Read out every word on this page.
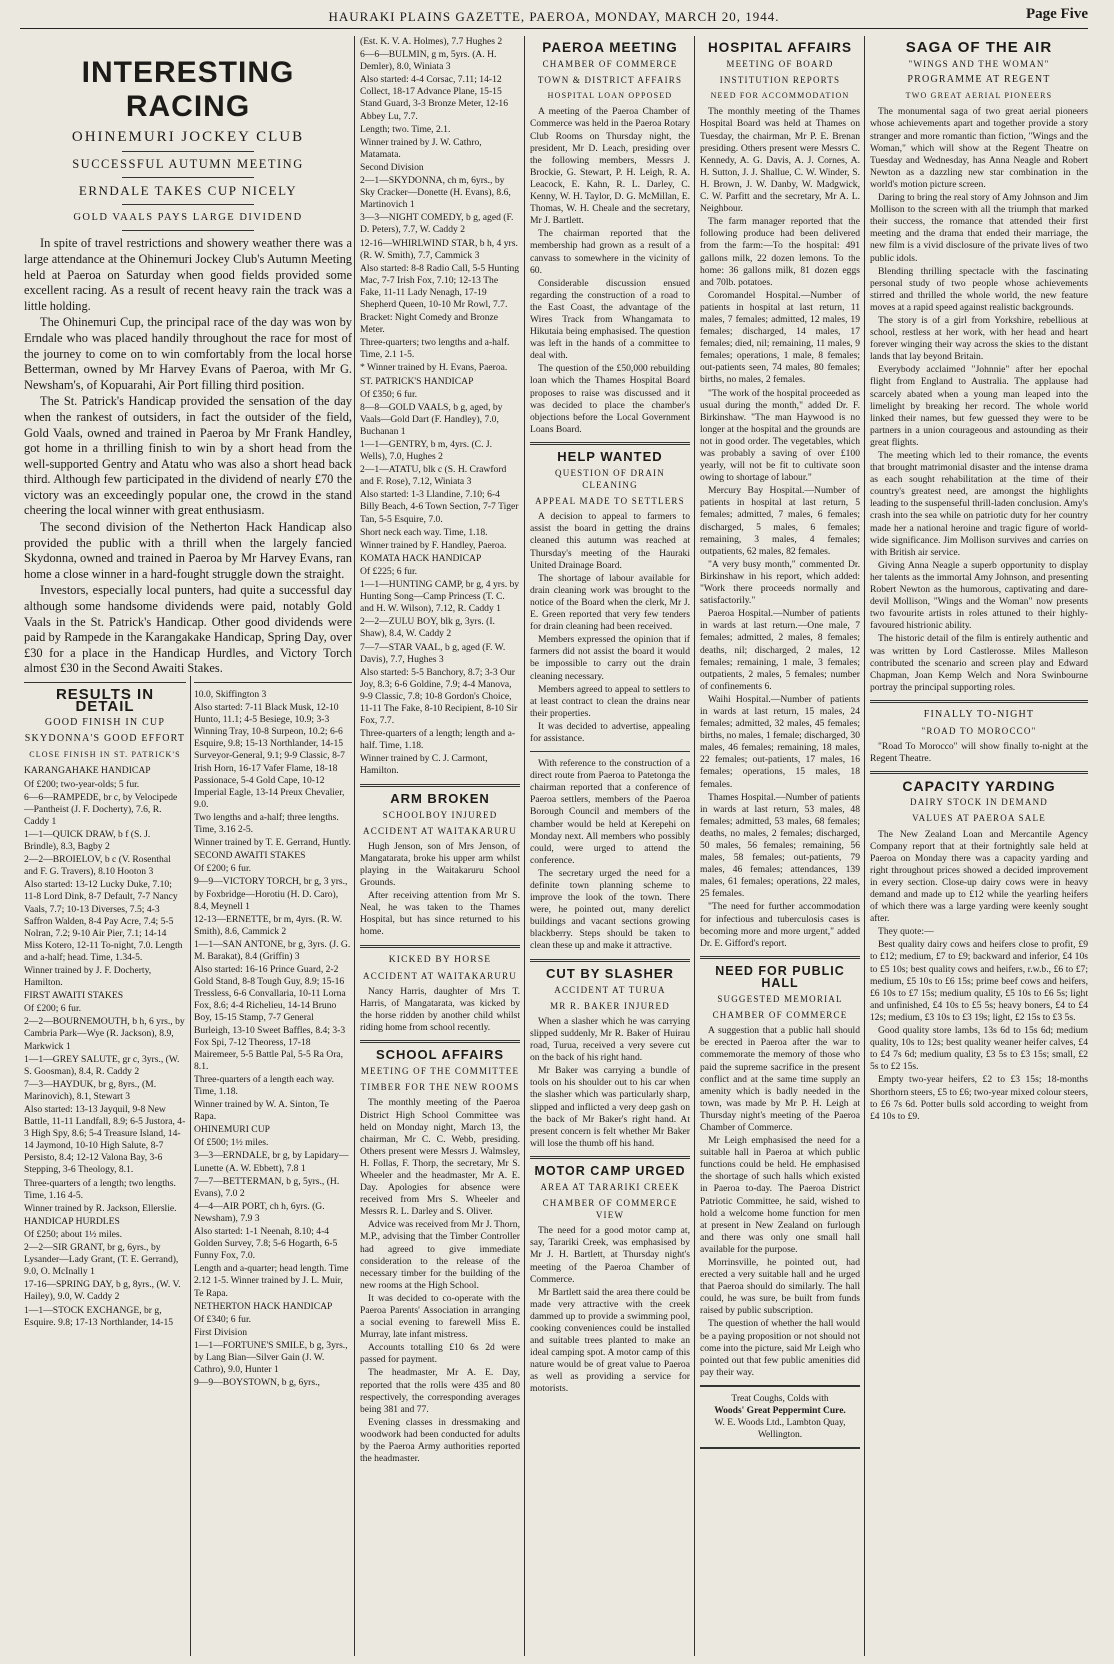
HAURAKI PLAINS GAZETTE, PAEROA, MONDAY, MARCH 20, 1944.	Page Five
INTERESTING RACING
OHINEMURI JOCKEY CLUB
SUCCESSFUL AUTUMN MEETING
ERNDALE TAKES CUP NICELY
GOLD VAALS PAYS LARGE DIVIDEND

In spite of travel restrictions and showery weather there was a large attendance at the Ohinemuri Jockey Club's Autumn Meeting held at Paeroa on Saturday when good fields provided some excellent racing. As a result of recent heavy rain the track was a little holding.

The Ohinemuri Cup, the principal race of the day was won by Erndale who was placed handily throughout the race for most of the journey to come on to win comfortably from the local horse Betterman, owned by Mr Harvey Evans of Paeroa, with Mr G. Newsham's, of Kopuarahi, Air Port filling third position.

The St. Patrick's Handicap provided the sensation of the day when the rankest of outsiders, in fact the outsider of the field, Gold Vaals, owned and trained in Paeroa by Mr Frank Handley, got home in a thrilling finish to win by a short head from the well-supported Gentry and Atatu who was also a short head back third. Although few participated in the dividend of nearly £70 the victory was an exceedingly popular one, the crowd in the stand cheering the local winner with great enthusiasm.

The second division of the Netherton Hack Handicap also provided the public with a thrill when the largely fancied Skydonna, owned and trained in Paeroa by Mr Harvey Evans, ran home a close winner in a hard-fought struggle down the straight.

Investors, especially local punters, had quite a successful day although some handsome dividends were paid, notably Gold Vaals in the St. Patrick's Handicap. Other good dividends were paid by Rampede in the Karangakake Handicap, Spring Day, over £30 for a place in the Handicap Hurdles, and Victory Torch almost £30 in the Second Awaiti Stakes.

RESULTS IN DETAIL
GOOD FINISH IN CUP
SKYDONNA'S GOOD EFFORT
CLOSE FINISH IN ST. PATRICK'S
KARANGAHAKE HANDICAP
Of £200; two-year-olds; 5 fur.
6—6—RAMPEDE, br c, by Velocipede—Pantheist (J. F. Docherty), 7.6, R. Caddy 1
1—1—QUICK DRAW, b f (S. J. Brindle), 8.3, Bagby 2
2—2—BROIELOV, b c (V. Rosenthal and F. G. Travers), 8.10 Hooton 3
Also started: 13-12 Lucky Duke, 7.10; 11-8 Lord Dink, 8-7 Default, 7-7 Nancy Vaals, 7.7; 10-13 Diverses, 7.5; 4-3 Saffron Walden, 8-4 Pay Acre, 7.4; 5-5 Nolran, 7.2; 9-10 Air Pier, 7.1; 14-14 Miss Kotero, 12-11 To-night, 7.0. Length and a-half; head. Time, 1.34-5.
Winner trained by J. F. Docherty, Hamilton.
FIRST AWAITI STAKES
Of £200; 6 fur.
2—2—BOURNEMOUTH, b h, 6 yrs., by Cambria Park—Wye (R. Jackson), 8.9, Markwick 1
1—1—GREY SALUTE, gr c, 3yrs., (W. S. Goosman), 8.4, R. Caddy 2
7—3—HAYDUK, br g, 8yrs., (M. Marinovich), 8.1, Stewart 3
Also started: 13-13 Jayquil, 9-8 New Battle, 11-11 Landfall, 8.9; 6-5 Justora, 4-3 High Spy, 8.6; 5-4 Treasure Island, 14-14 Jaymond, 10-10 High Salute, 8-7 Persisto, 8.4; 12-12 Valona Bay, 3-6 Stepping, 3-6 Theology, 8.1.
Three-quarters of a length; two lengths. Time, 1.16 4-5.
Winner trained by R. Jackson, Ellerslie.
HANDICAP HURDLES
Of £250; about 1½ miles.
2—2—SIR GRANT, br g, 6yrs., by Lysander—Lady Grant, (T. E. Gerrand), 9.0, O. McInally 1
17-16—SPRING DAY, b g, 8yrs., (W. V. Hailey), 9.0, W. Caddy 2
1—1—STOCK EXCHANGE, br g, Esquire. 9.8; 17-13 Northlander, 14-15
10.0, Skiffington 3
Also started: 7-11 Black Musk, 12-10 Hunto, 11.1; 4-5 Besiege, 10.9; 3-3 Winning Tray, 10-8 Surpeon, 10.2; 6-6 Esquire, 9.8; 15-13 Northlander, 14-15 Surveyor-General, 9.1; 9-9 Classic, 8-7 Irish Horn, 16-17 Vafer Flame, 18-18 Passionace, 5-4 Gold Cape, 10-12 Imperial Eagle, 13-14 Preux Chevalier, 9.0.
Two lengths and a-half; three lengths. Time, 3.16 2-5.
Winner trained by T. E. Gerrand, Huntly.
SECOND AWAITI STAKES
Of £200; 6 fur.
9—9—VICTORY TORCH, br g, 3 yrs., by Foxbridge—Horotiu (H. D. Caro), 8.4, Meynell 1
12-13—ERNETTE, br m, 4yrs. (R. W. Smith), 8.6, Cammick 2
1—1—SAN ANTONE, br g, 3yrs. (J. G. M. Barakat), 8.4 (Griffin) 3
Also started: 16-16 Prince Guard, 2-2 Gold Stand, 8-8 Tough Guy, 8.9; 15-16 Tressless, 6-6 Convallaria, 10-11 Lorna Fox, 8.6; 4-4 Richelieu, 14-14 Bruno Boy, 15-15 Stamp, 7-7 General Burleigh, 13-10 Sweet Baffles, 8.4; 3-3 Fox Spi, 7-12 Theoress, 17-18 Mairemeer, 5-5 Battle Pal, 5-5 Ra Ora, 8.1.
Three-quarters of a length each way. Time, 1.18.
Winner trained by W. A. Sinton, Te Rapa.
OHINEMURI CUP
Of £500; 1½ miles.
3—3—ERNDALE, br g, by Lapidary—Lunette (A. W. Ebbett), 7.8 1
7—7—BETTERMAN, b g, 5yrs., (H. Evans), 7.0 2
4—4—AIR PORT, ch h, 6yrs. (G. Newsham), 7.9 3
Also started: 1-1 Neenah, 8.10; 4-4 Golden Survey, 7.8; 5-6 Hogarth, 6-5 Funny Fox, 7.0.
Length and a-quarter; head length. Time 2.12 1-5. Winner trained by J. L. Muir, Te Rapa.
NETHERTON HACK HANDICAP
Of £340; 6 fur.
First Division
1—1—FORTUNE'S SMILE, b g, 3yrs., by Lang Bian—Silver Gain (J. W. Cathro), 9.0, Hunter 1
9—9—BOYSTOWN, b g, 6yrs.,
(Est. K. V. A. Holmes), 7.7 Hughes 2
6—6—BULMIN, g m, 5yrs. (A. H. Demler), 8.0, Winiata 3
Also started: 4-4 Corsac, 7.11; 14-12 Collect, 18-17 Advance Plane, 15-15 Stand Guard, 3-3 Bronze Meter, 12-16 Abbey Lu, 7.7.
Length; two. Time, 2.1.
Winner trained by J. W. Cathro, Matamata.
Second Division
2—1—SKYDONNA, ch m, 6yrs., by Sky Cracker—Donette (H. Evans), 8.6, Martinovich 1
3—3—NIGHT COMEDY, b g, aged (F. D. Peters), 7.7, W. Caddy 2
12-16—WHIRLWIND STAR, b h, 4 yrs. (R. W. Smith), 7.7, Cammick 3
Also started: 8-8 Radio Call, 5-5 Hunting Mac, 7-7 Irish Fox, 7.10; 12-13 The Fake, 11-11 Lady Nenagh, 17-19 Shepherd Queen, 10-10 Mr Rowl, 7.7.
Bracket: Night Comedy and Bronze Meter.
Three-quarters; two lengths and a-half. Time, 2.1 1-5.
* Winner trained by H. Evans, Paeroa.
ST. PATRICK'S HANDICAP
Of £350; 6 fur.
8—8—GOLD VAALS, b g, aged, by Vaals—Gold Dart (F. Handley), 7.0, Buchanan 1
1—1—GENTRY, b m, 4yrs. (C. J. Wells), 7.0, Hughes 2
2—1—ATATU, blk c (S. H. Crawford and F. Rose), 7.12, Winiata 3
Also started: 1-3 Llandine, 7.10; 6-4 Billy Beach, 4-6 Town Section, 7-7 Tiger Tan, 5-5 Esquire, 7.0.
Short neck each way. Time, 1.18.
Winner trained by F. Handley, Paeroa.
KOMATA HACK HANDICAP
Of £225; 6 fur.
1—1—HUNTING CAMP, br g, 4 yrs. by Hunting Song—Camp Princess (T. C. and H. W. Wilson), 7.12, R. Caddy 1
2—2—ZULU BOY, blk g, 3yrs. (I. Shaw), 8.4, W. Caddy 2
7—7—STAR VAAL, b g, aged (F. W. Davis), 7.7, Hughes 3
Also started: 5-5 Banchory, 8.7; 3-3 Our Joy, 8.3; 6-6 Goldine, 7.9; 4-4 Manova, 9-9 Classic, 7.8; 10-8 Gordon's Choice, 11-11 The Fake, 8-10 Recipient, 8-10 Sir Fox, 7.7.
Three-quarters of a length; length and a-half. Time, 1.18.
Winner trained by C. J. Carmont, Hamilton.
ARM BROKEN
SCHOOLBOY INJURED
ACCIDENT AT WAITAKARURU

Hugh Jenson, son of Mrs Jenson, of Mangatarata, broke his upper arm whilst playing in the Waitakaruru School Grounds.

After receiving attention from Mr S. Neal, he was taken to the Thames Hospital, but has since returned to his home.

KICKED BY HORSE
ACCIDENT AT WAITAKARURU

Nancy Harris, daughter of Mrs T. Harris, of Mangatarata, was kicked by the horse ridden by another child whilst riding home from school recently.

SCHOOL AFFAIRS
MEETING OF THE COMMITTEE
TIMBER FOR THE NEW ROOMS

The monthly meeting of the Paeroa District High School Committee was held on Monday night, March 13, the chairman, Mr C. C. Webb, presiding. Others present were Messrs J. Walmsley, H. Follas, F. Thorp, the secretary, Mr S. Wheeler and the headmaster, Mr A. E. Day. Apologies for absence were received from Mrs S. Wheeler and Messrs R. L. Darley and S. Oliver.

Advice was received from Mr J. Thorn, M.P., advising that the Timber Controller had agreed to give immediate consideration to the release of the necessary timber for the building of the new rooms at the High School.

It was decided to co-operate with the Paeroa Parents' Association in arranging a social evening to farewell Miss E. Murray, late infant mistress.

Accounts totalling £10 6s 2d were passed for payment.

The headmaster, Mr A. E. Day, reported that the rolls were 435 and 80 respectively, the corresponding averages being 381 and 77.

Evening classes in dressmaking and woodwork had been conducted for adults by the Paeroa Army authorities reported the headmaster.

PAEROA MEETING
CHAMBER OF COMMERCE
TOWN & DISTRICT AFFAIRS
HOSPITAL LOAN OPPOSED

A meeting of the Paeroa Chamber of Commerce was held in the Paeroa Rotary Club Rooms on Thursday night, the president, Mr D. Leach, presiding over the following members, Messrs J. Brockie, G. Stewart, P. H. Leigh, R. A. Leacock, E. Kahn, R. L. Darley, C. Kenny, W. H. Taylor, D. G. McMillan, E. Thomas, W. H. Cheale and the secretary, Mr J. Bartlett.

The chairman reported that the membership had grown as a result of a canvass to somewhere in the vicinity of 60.

Considerable discussion ensued regarding the construction of a road to the East Coast, the advantage of the Wires Track from Whangamata to Hikutaia being emphasised. The question was left in the hands of a committee to deal with.

The question of the £50,000 rebuilding loan which the Thames Hospital Board proposes to raise was discussed and it was decided to place the chamber's objections before the Local Government Loans Board.

HELP WANTED
QUESTION OF DRAIN CLEANING
APPEAL MADE TO SETTLERS

A decision to appeal to farmers to assist the board in getting the drains cleaned this autumn was reached at Thursday's meeting of the Hauraki United Drainage Board.

The shortage of labour available for drain cleaning work was brought to the notice of the Board when the clerk, Mr J. E. Green reported that very few tenders for drain cleaning had been received.

Members expressed the opinion that if farmers did not assist the board it would be impossible to carry out the drain cleaning necessary.

Members agreed to appeal to settlers to at least contract to clean the drains near their properties.

It was decided to advertise, appealing for assistance.

With reference to the construction of a direct route from Paeroa to Patetonga the chairman reported that a conference of Paeroa settlers, members of the Paeroa Borough Council and members of the chamber would be held at Kerepehi on Monday next. All members who possibly could, were urged to attend the conference.

The secretary urged the need for a definite town planning scheme to improve the look of the town. There were, he pointed out, many derelict buildings and vacant sections growing blackberry. Steps should be taken to clean these up and make it attractive.

CUT BY SLASHER
ACCIDENT AT TURUA
MR R. BAKER INJURED

When a slasher which he was carrying slipped suddenly, Mr R. Baker of Huirau road, Turua, received a very severe cut on the back of his right hand.

Mr Baker was carrying a bundle of tools on his shoulder out to his car when the slasher which was particularly sharp, slipped and inflicted a very deep gash on the back of Mr Baker's right hand. At present concern is felt whether Mr Baker will lose the thumb off his hand.

MOTOR CAMP URGED
AREA AT TARARIKI CREEK
CHAMBER OF COMMERCE VIEW

The need for a good motor camp at, say, Tarariki Creek, was emphasised by Mr J. H. Bartlett, at Thursday night's meeting of the Paeroa Chamber of Commerce.

Mr Bartlett said the area there could be made very attractive with the creek dammed up to provide a swimming pool, cooking conveniences could be installed and suitable trees planted to make an ideal camping spot. A motor camp of this nature would be of great value to Paeroa as well as providing a service for motorists.

HOSPITAL AFFAIRS
MEETING OF BOARD
INSTITUTION REPORTS
NEED FOR ACCOMMODATION

The monthly meeting of the Thames Hospital Board was held at Thames on Tuesday, the chairman, Mr P. E. Brenan presiding. Others present were Messrs C. Kennedy, A. G. Davis, A. J. Cornes, A. H. Sutton, J. J. Shallue, C. W. Winder, S. H. Brown, J. W. Danby, W. Madgwick, C. W. Parfitt and the secretary, Mr A. L. Neighbour.

The farm manager reported that the following produce had been delivered from the farm:—To the hospital: 491 gallons milk, 22 dozen lemons. To the home: 36 gallons milk, 81 dozen eggs and 70lb. potatoes.

Coromandel Hospital.—Number of patients in hospital at last return, 11 males, 7 females; admitted, 12 males, 19 females; discharged, 14 males, 17 females; died, nil; remaining, 11 males, 9 females; operations, 1 male, 8 females; out-patients seen, 74 males, 80 females; births, no males, 2 females.

"The work of the hospital proceeded as usual during the month," added Dr. F. Birkinshaw. "The man Haywood is no longer at the hospital and the grounds are not in good order. The vegetables, which was probably a saving of over £100 yearly, will not be fit to cultivate soon owing to shortage of labour."

Mercury Bay Hospital.—Number of patients in hospital at last return, 5 females; admitted, 7 males, 6 females; discharged, 5 males, 6 females; remaining, 3 males, 4 females; outpatients, 62 males, 82 females.

"A very busy month," commented Dr. Birkinshaw in his report, which added: "Work there proceeds normally and satisfactorily."

Paeroa Hospital.—Number of patients in wards at last return.—One male, 7 females; admitted, 2 males, 8 females; deaths, nil; discharged, 2 males, 12 females; remaining, 1 male, 3 females; outpatients, 2 males, 5 females; number of confinements 6.

Waihi Hospital.—Number of patients in wards at last return, 15 males, 24 females; admitted, 32 males, 45 females; births, no males, 1 female; discharged, 30 males, 46 females; remaining, 18 males, 22 females; out-patients, 17 males, 16 females; operations, 15 males, 18 females.

Thames Hospital.—Number of patients in wards at last return, 53 males, 48 females; admitted, 53 males, 68 females; deaths, no males, 2 females; discharged, 50 males, 56 females; remaining, 56 males, 58 females; out-patients, 79 males, 46 females; attendances, 139 males, 61 females; operations, 22 males, 25 females.

"The need for further accommodation for infectious and tuberculosis cases is becoming more and more urgent," added Dr. E. Gifford's report.

NEED FOR PUBLIC HALL
SUGGESTED MEMORIAL
CHAMBER OF COMMERCE

A suggestion that a public hall should be erected in Paeroa after the war to commemorate the memory of those who paid the supreme sacrifice in the present conflict and at the same time supply an amenity which is badly needed in the town, was made by Mr P. H. Leigh at Thursday night's meeting of the Paeroa Chamber of Commerce.

Mr Leigh emphasised the need for a suitable hall in Paeroa at which public functions could be held. He emphasised the shortage of such halls which existed in Paeroa to-day. The Paeroa District Patriotic Committee, he said, wished to hold a welcome home function for men at present in New Zealand on furlough and there was only one small hall available for the purpose.

Morrinsville, he pointed out, had erected a very suitable hall and he urged that Paeroa should do similarly. The hall could, he was sure, be built from funds raised by public subscription.

The question of whether the hall would be a paying proposition or not should not come into the picture, said Mr Leigh who pointed out that few public amenities did pay their way.

Treat Coughs, Colds with
Woods' Great Peppermint Cure.
W. E. Woods Ltd., Lambton Quay,
Wellington.
SAGA OF THE AIR
"WINGS AND THE WOMAN"
PROGRAMME AT REGENT
TWO GREAT AERIAL PIONEERS

The monumental saga of two great aerial pioneers whose achievements apart and together provide a story stranger and more romantic than fiction, "Wings and the Woman," which will show at the Regent Theatre on Tuesday and Wednesday, has Anna Neagle and Robert Newton as a dazzling new star combination in the world's motion picture screen.

Daring to bring the real story of Amy Johnson and Jim Mollison to the screen with all the triumph that marked their success, the romance that attended their first meeting and the drama that ended their marriage, the new film is a vivid disclosure of the private lives of two public idols.

Blending thrilling spectacle with the fascinating personal study of two people whose achievements stirred and thrilled the whole world, the new feature moves at a rapid speed against realistic backgrounds.

The story is of a girl from Yorkshire, rebellious at school, restless at her work, with her head and heart forever winging their way across the skies to the distant lands that lay beyond Britain.

Everybody acclaimed "Johnnie" after her epochal flight from England to Australia. The applause had scarcely abated when a young man leaped into the limelight by breaking her record. The whole world linked their names, but few guessed they were to be partners in a union courageous and astounding as their great flights.

The meeting which led to their romance, the events that brought matrimonial disaster and the intense drama as each sought rehabilitation at the time of their country's greatest need, are amongst the highlights leading to the suspenseful thrill-laden conclusion. Amy's crash into the sea while on patriotic duty for her country made her a national heroine and tragic figure of world-wide significance. Jim Mollison survives and carries on with British air service.

Giving Anna Neagle a superb opportunity to display her talents as the immortal Amy Johnson, and presenting Robert Newton as the humorous, captivating and dare-devil Mollison, "Wings and the Woman" now presents two favourite artists in roles attuned to their highly-favoured histrionic ability.

The historic detail of the film is entirely authentic and was written by Lord Castlerosse. Miles Malleson contributed the scenario and screen play and Edward Chapman, Joan Kemp Welch and Nora Swinbourne portray the principal supporting roles.

FINALLY TO-NIGHT
"ROAD TO MOROCCO"

"Road To Morocco" will show finally to-night at the Regent Theatre.

CAPACITY YARDING
DAIRY STOCK IN DEMAND
VALUES AT PAEROA SALE

The New Zealand Loan and Mercantile Agency Company report that at their fortnightly sale held at Paeroa on Monday there was a capacity yarding and right throughout prices showed a decided improvement in every section. Close-up dairy cows were in heavy demand and made up to £12 while the yearling heifers of which there was a large yarding were keenly sought after.

They quote:—

Best quality dairy cows and heifers close to profit, £9 to £12; medium, £7 to £9; backward and inferior, £4 10s to £5 10s; best quality cows and heifers, r.w.b., £6 to £7; medium, £5 10s to £6 15s; prime beef cows and heifers, £6 10s to £7 15s; medium quality, £5 10s to £6 5s; light and unfinished, £4 10s to £5 5s; heavy boners, £4 to £4 12s; medium, £3 10s to £3 19s; light, £2 15s to £3 5s.

Good quality store lambs, 13s 6d to 15s 6d; medium quality, 10s to 12s; best quality weaner heifer calves, £4 to £4 7s 6d; medium quality, £3 5s to £3 15s; small, £2 5s to £2 15s.

Empty two-year heifers, £2 to £3 15s; 18-months Shorthorn steers, £5 to £6; two-year mixed colour steers, to £6 7s 6d. Potter bulls sold according to weight from £4 10s to £9.
